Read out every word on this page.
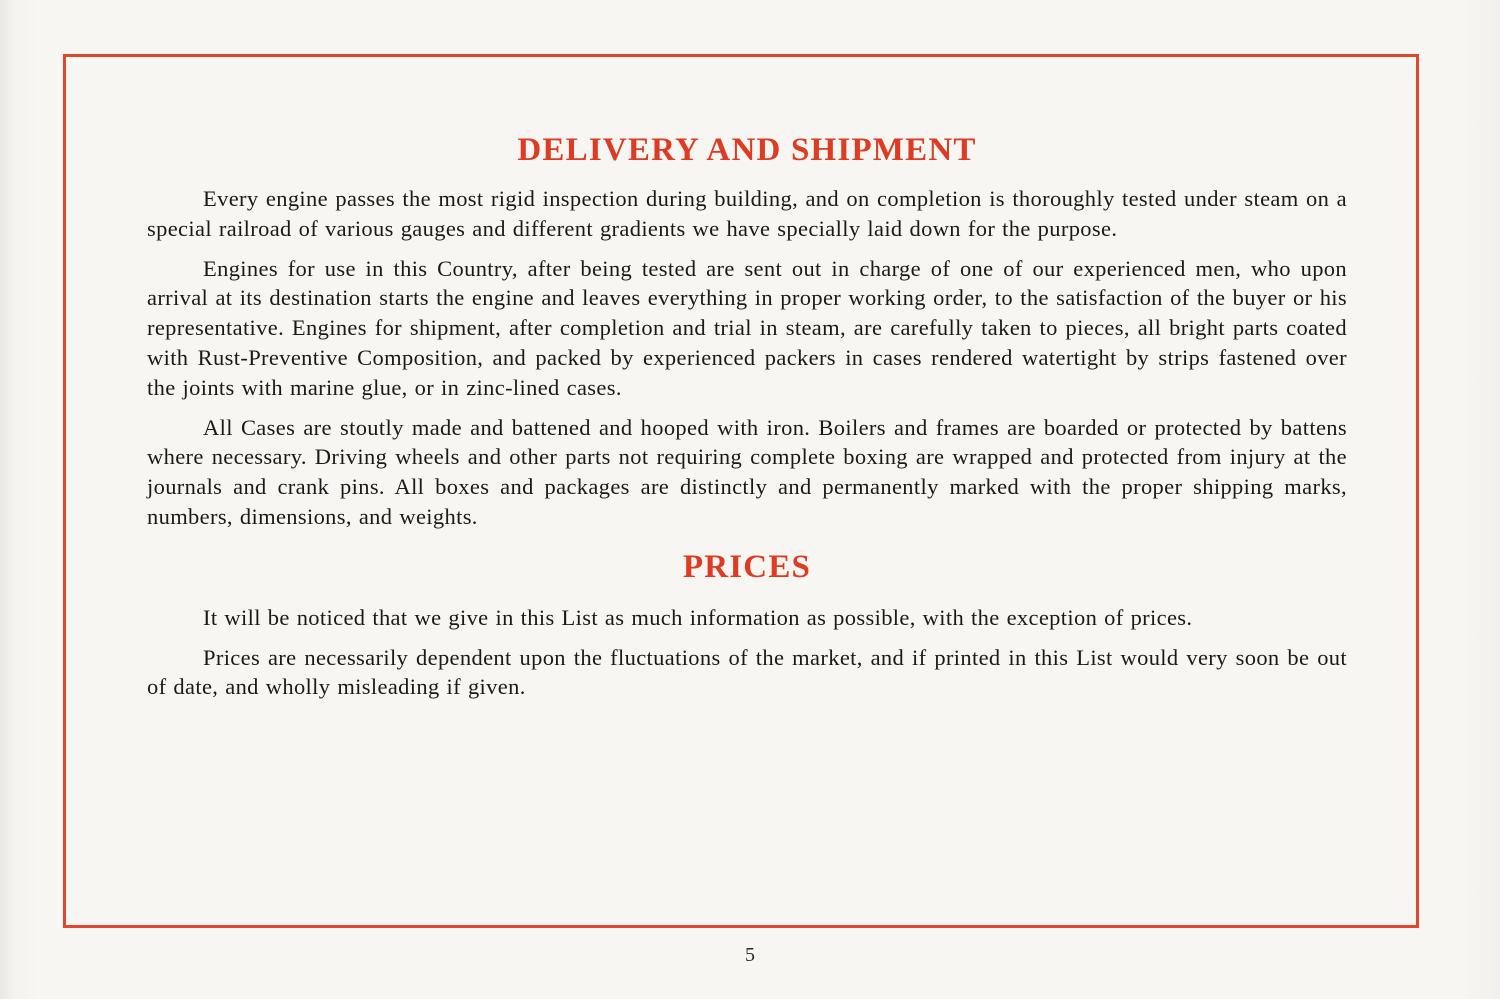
DELIVERY AND SHIPMENT

Every engine passes the most rigid inspection during building, and on completion is thoroughly tested under steam on a special railroad of various gauges and different gradients we have specially laid down for the purpose.

Engines for use in this Country, after being tested are sent out in charge of one of our experienced men, who upon arrival at its destination starts the engine and leaves everything in proper working order, to the satisfaction of the buyer or his representative. Engines for shipment, after completion and trial in steam, are carefully taken to pieces, all bright parts coated with Rust-Preventive Composition, and packed by experienced packers in cases rendered watertight by strips fastened over the joints with marine glue, or in zinc-lined cases.

All Cases are stoutly made and battened and hooped with iron. Boilers and frames are boarded or protected by battens where necessary. Driving wheels and other parts not requiring complete boxing are wrapped and protected from injury at the journals and crank pins. All boxes and packages are distinctly and permanently marked with the proper shipping marks, numbers, dimensions, and weights.

PRICES

It will be noticed that we give in this List as much information as possible, with the exception of prices.

Prices are necessarily dependent upon the fluctuations of the market, and if printed in this List would very soon be out of date, and wholly misleading if given.

5
